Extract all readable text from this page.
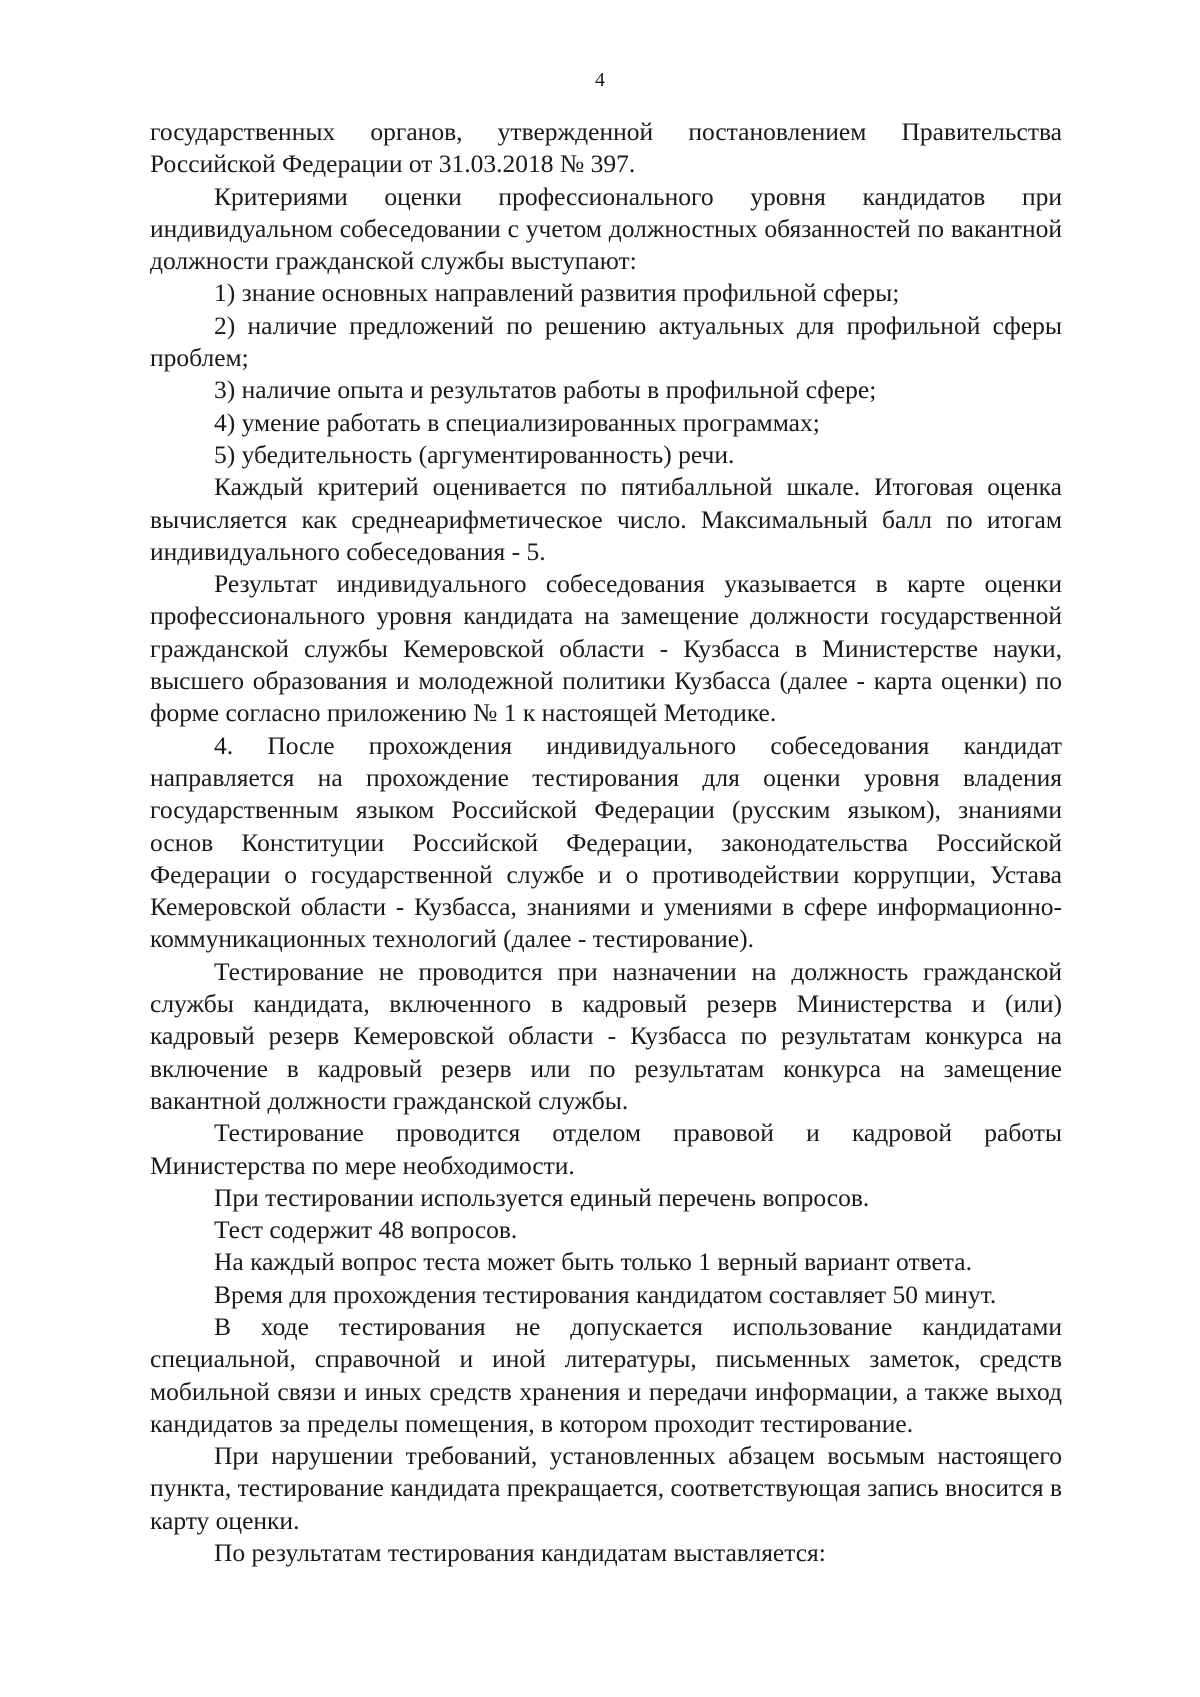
4

государственных органов, утвержденной постановлением Правительства Российской Федерации от 31.03.2018 № 397.

Критериями оценки профессионального уровня кандидатов при индивидуальном собеседовании с учетом должностных обязанностей по вакантной должности гражданской службы выступают:

1) знание основных направлений развития профильной сферы;

2) наличие предложений по решению актуальных для профильной сферы проблем;

3) наличие опыта и результатов работы в профильной сфере;

4) умение работать в специализированных программах;

5) убедительность (аргументированность) речи.

Каждый критерий оценивается по пятибалльной шкале. Итоговая оценка вычисляется как среднеарифметическое число. Максимальный балл по итогам индивидуального собеседования - 5.

Результат индивидуального собеседования указывается в карте оценки профессионального уровня кандидата на замещение должности государственной гражданской службы Кемеровской области - Кузбасса в Министерстве науки, высшего образования и молодежной политики Кузбасса (далее - карта оценки) по форме согласно приложению № 1 к настоящей Методике.

4. После прохождения индивидуального собеседования кандидат направляется на прохождение тестирования для оценки уровня владения государственным языком Российской Федерации (русским языком), знаниями основ Конституции Российской Федерации, законодательства Российской Федерации о государственной службе и о противодействии коррупции, Устава Кемеровской области - Кузбасса, знаниями и умениями в сфере информационно-коммуникационных технологий (далее - тестирование).

Тестирование не проводится при назначении на должность гражданской службы кандидата, включенного в кадровый резерв Министерства и (или) кадровый резерв Кемеровской области - Кузбасса по результатам конкурса на включение в кадровый резерв или по результатам конкурса на замещение вакантной должности гражданской службы.

Тестирование проводится отделом правовой и кадровой работы Министерства по мере необходимости.

При тестировании используется единый перечень вопросов.

Тест содержит 48 вопросов.

На каждый вопрос теста может быть только 1 верный вариант ответа.

Время для прохождения тестирования кандидатом составляет 50 минут.

В ходе тестирования не допускается использование кандидатами специальной, справочной и иной литературы, письменных заметок, средств мобильной связи и иных средств хранения и передачи информации, а также выход кандидатов за пределы помещения, в котором проходит тестирование.

При нарушении требований, установленных абзацем восьмым настоящего пункта, тестирование кандидата прекращается, соответствующая запись вносится в карту оценки.

По результатам тестирования кандидатам выставляется:
